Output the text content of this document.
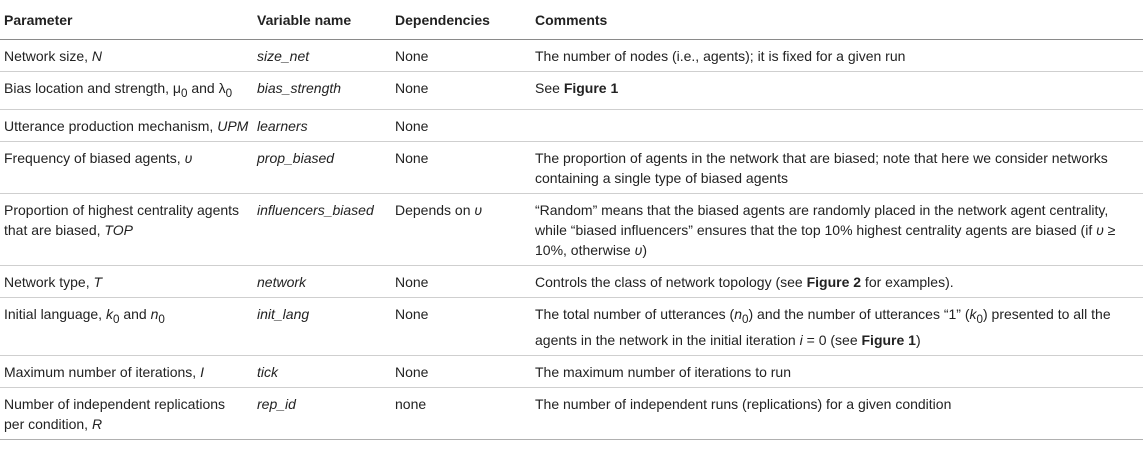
Parameter	Variable name	Dependencies	Comments
Network size, N	size_net	None	The number of nodes (i.e., agents); it is fixed for a given run
Bias location and strength, $\mu_0$ and $\lambda_0$	bias_strength	None	See Figure 1
Utterance production mechanism, UPM	learners	None	
Frequency of biased agents, υ	prop_biased	None	The proportion of agents in the network that are biased; note that here we consider networks containing a single type of biased agents
Proportion of highest centrality agents that are biased, TOP	influencers_biased	Depends on υ	“Random” means that the biased agents are randomly placed in the network agent centrality, while “biased influencers” ensures that the top 10% highest centrality agents are biased (if υ ≥ 10%, otherwise υ)
Network type, T	network	None	Controls the class of network topology (see Figure 2 for examples).
Initial language, $k_0$ and $n_0$	init_lang	None	The total number of utterances $(n_0)$ and the number of utterances “1” $(k_0)$ presented to all the agents in the network in the initial iteration i = 0 (see Figure 1)
Maximum number of iterations, I	tick	None	The maximum number of iterations to run
Number of independent replications per condition, R	rep_id	none	The number of independent runs (replications) for a given condition
